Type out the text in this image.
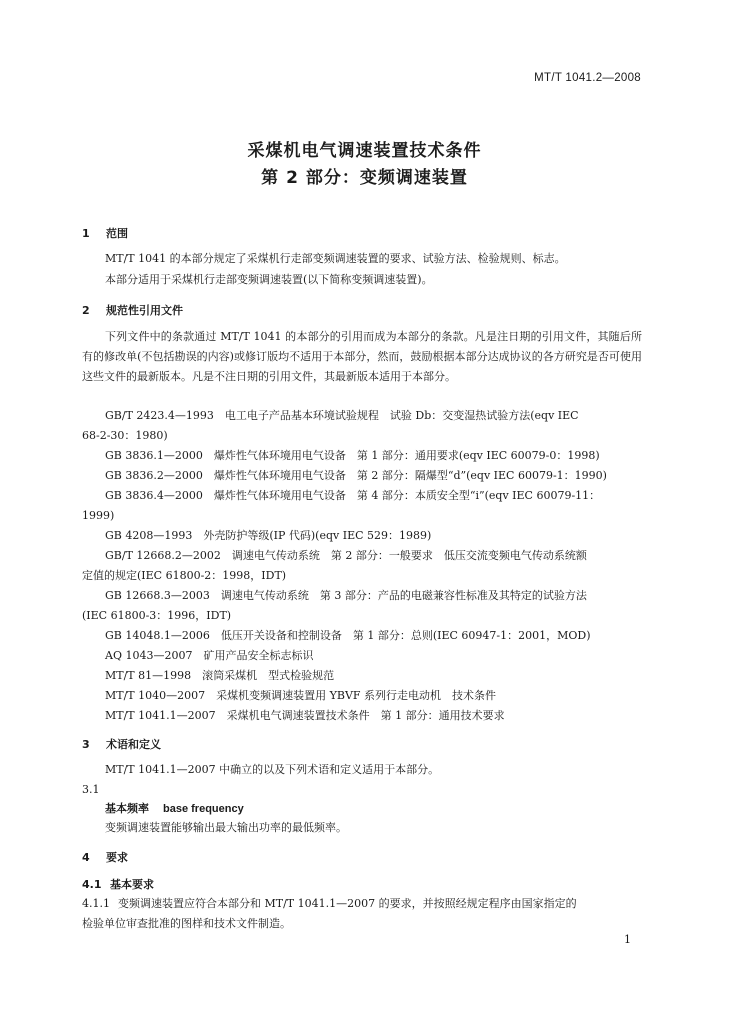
MT/T 1041.2—2008
采煤机电气调速装置技术条件
第 2 部分：变频调速装置
1 范围
MT/T 1041 的本部分规定了采煤机行走部变频调速装置的要求、试验方法、检验规则、标志。
本部分适用于采煤机行走部变频调速装置(以下简称变频调速装置)。
2 规范性引用文件
下列文件中的条款通过 MT/T 1041 的本部分的引用而成为本部分的条款。凡是注日期的引用文件，其随后所有的修改单(不包括勘误的内容)或修订版均不适用于本部分，然而，鼓励根据本部分达成协议的各方研究是否可使用这些文件的最新版本。凡是不注日期的引用文件，其最新版本适用于本部分。
GB/T 2423.4—1993　电工电子产品基本环境试验规程　试验 Db：交变湿热试验方法(eqv IEC
68-2-30：1980)
GB 3836.1—2000　爆炸性气体环境用电气设备　第 1 部分：通用要求(eqv IEC 60079-0：1998)
GB 3836.2—2000　爆炸性气体环境用电气设备　第 2 部分：隔爆型“d”(eqv IEC 60079-1：1990)
GB 3836.4—2000　爆炸性气体环境用电气设备　第 4 部分：本质安全型“i”(eqv IEC 60079-11：
1999)
GB 4208—1993　外壳防护等级(IP 代码)(eqv IEC 529：1989)
GB/T 12668.2—2002　调速电气传动系统　第 2 部分：一般要求　低压交流变频电气传动系统额
定值的规定(IEC 61800-2：1998，IDT)
GB 12668.3—2003　调速电气传动系统　第 3 部分：产品的电磁兼容性标准及其特定的试验方法
(IEC 61800-3：1996，IDT)
GB 14048.1—2006　低压开关设备和控制设备　第 1 部分：总则(IEC 60947-1：2001，MOD)
AQ 1043—2007　矿用产品安全标志标识
MT/T 81—1998　滚筒采煤机　型式检验规范
MT/T 1040—2007　采煤机变频调速装置用 YBVF 系列行走电动机　技术条件
MT/T 1041.1—2007　采煤机电气调速装置技术条件　第 1 部分：通用技术要求
3 术语和定义
MT/T 1041.1—2007 中确立的以及下列术语和定义适用于本部分。
3.1
基本频率 base frequency
变频调速装置能够输出最大输出功率的最低频率。
4 要求
4.1 基本要求
4.1.1 变频调速装置应符合本部分和 MT/T 1041.1—2007 的要求，并按照经规定程序由国家指定的
检验单位审查批准的图样和技术文件制造。
1
